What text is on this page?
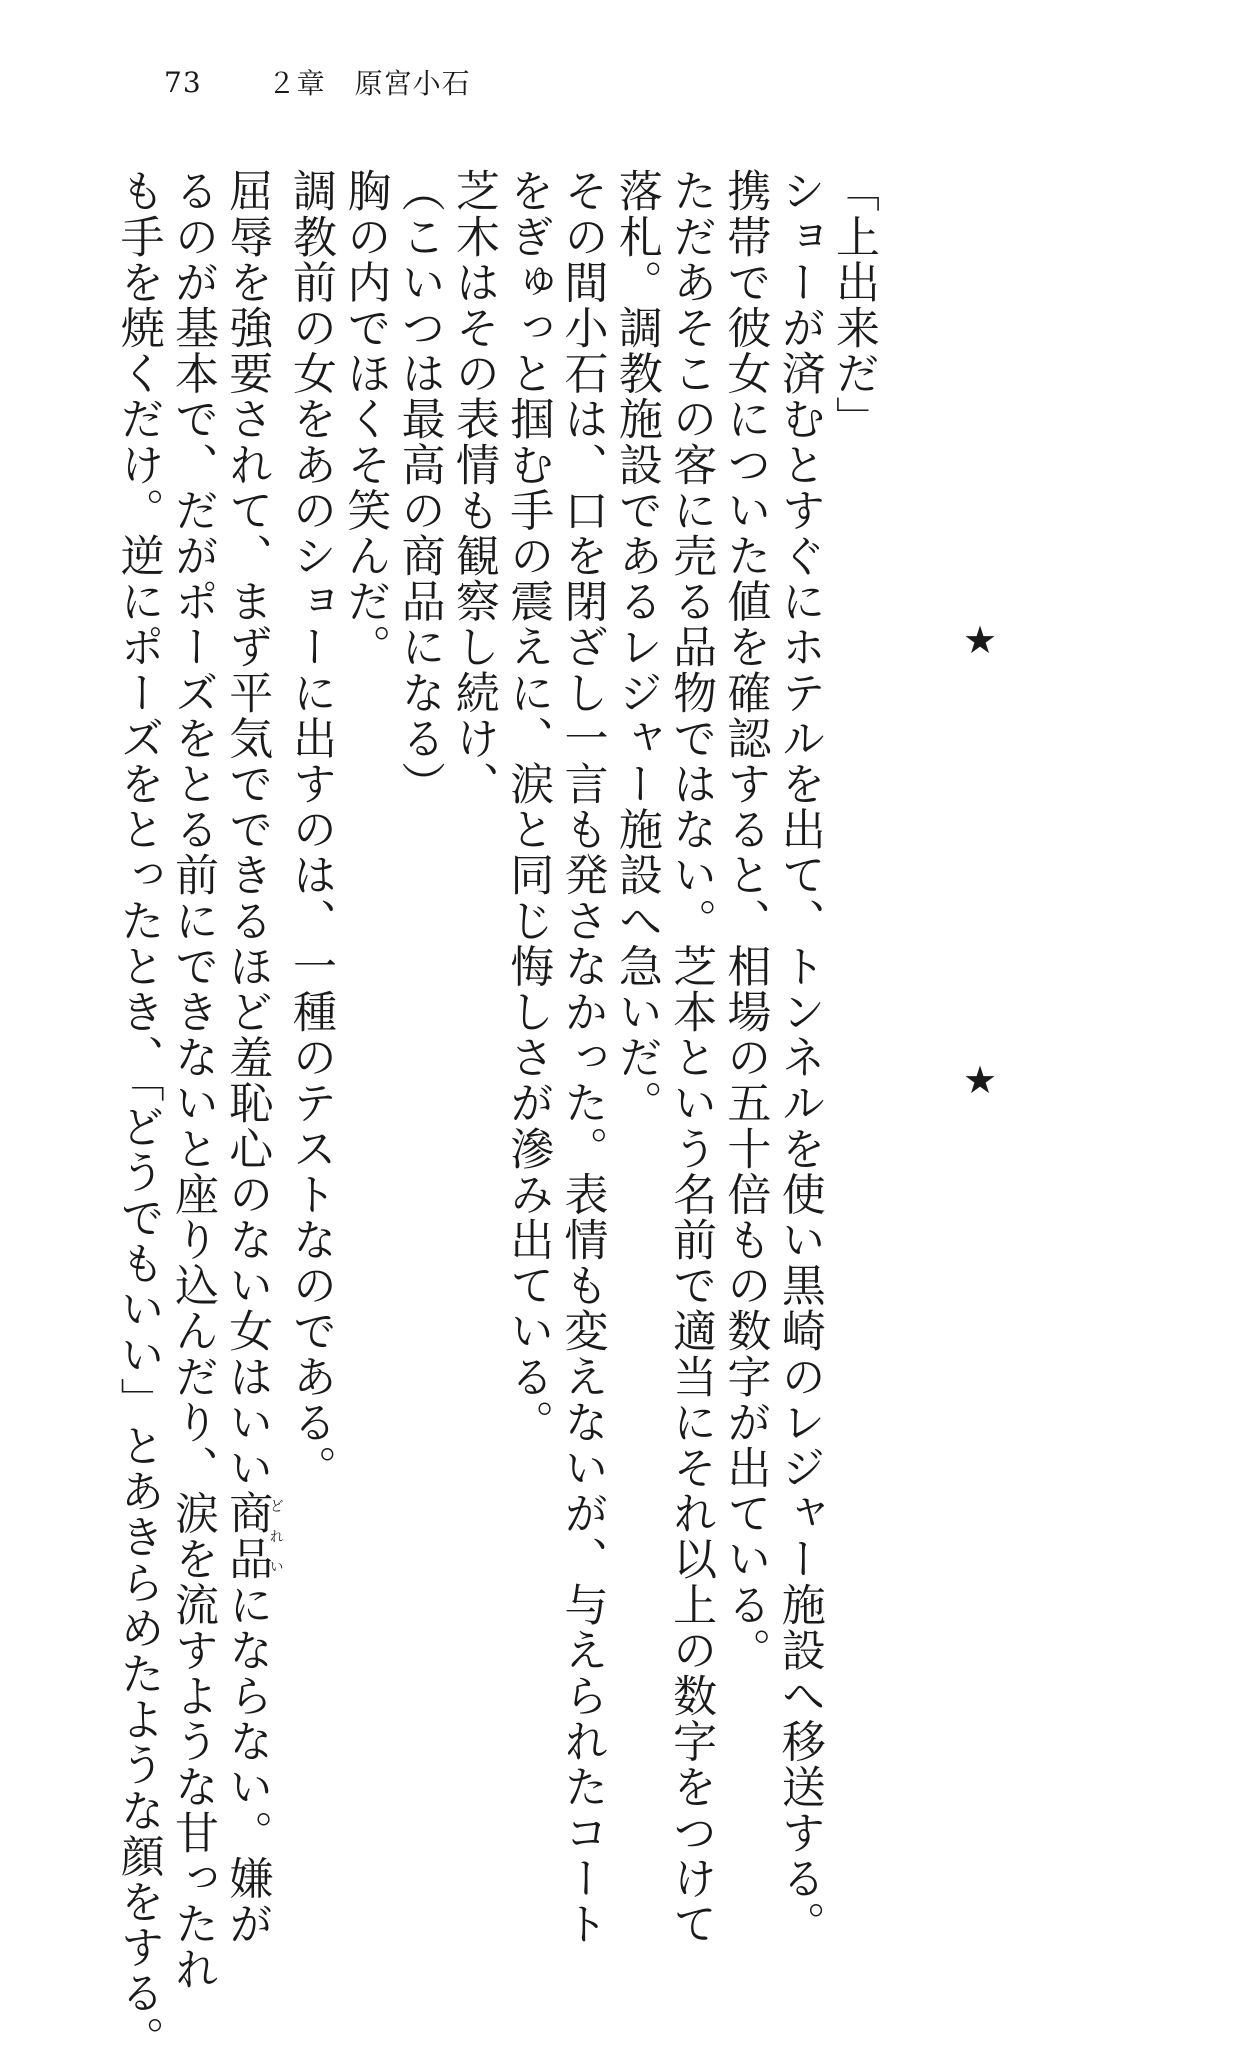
73 ２章　原宮小石

「上出来だ」

ショーが済むとすぐにホテルを出て、トンネルを使い黒崎のレジャー施設へ移送する。

携帯で彼女についた値を確認すると、相場の五十倍もの数字が出ている。

ただあそこの客に売る品物ではない。芝本という名前で適当にそれ以上の数字をつけて

落札。調教施設であるレジャー施設へ急いだ。

その間小石は、口を閉ざし一言も発さなかった。表情も変えないが、与えられたコート

をぎゅっと掴む手の震えに、涙と同じ悔しさが滲み出ている。

芝木はその表情も観察し続け、

（こいつは最高の商品になる）

胸の内でほくそ笑んだ。

調教前の女をあのショーに出すのは、一種のテストなのである。

屈辱を強要されて、まず平気でできるほど羞恥心のない女はいい商品どれいにならない。嫌が

るのが基本で、だがポーズをとる前にできないと座り込んだり、涙を流すような甘ったれ

も手を焼くだけ。逆にポーズをとったとき、「どうでもいい」とあきらめたような顔をする。	★
★
